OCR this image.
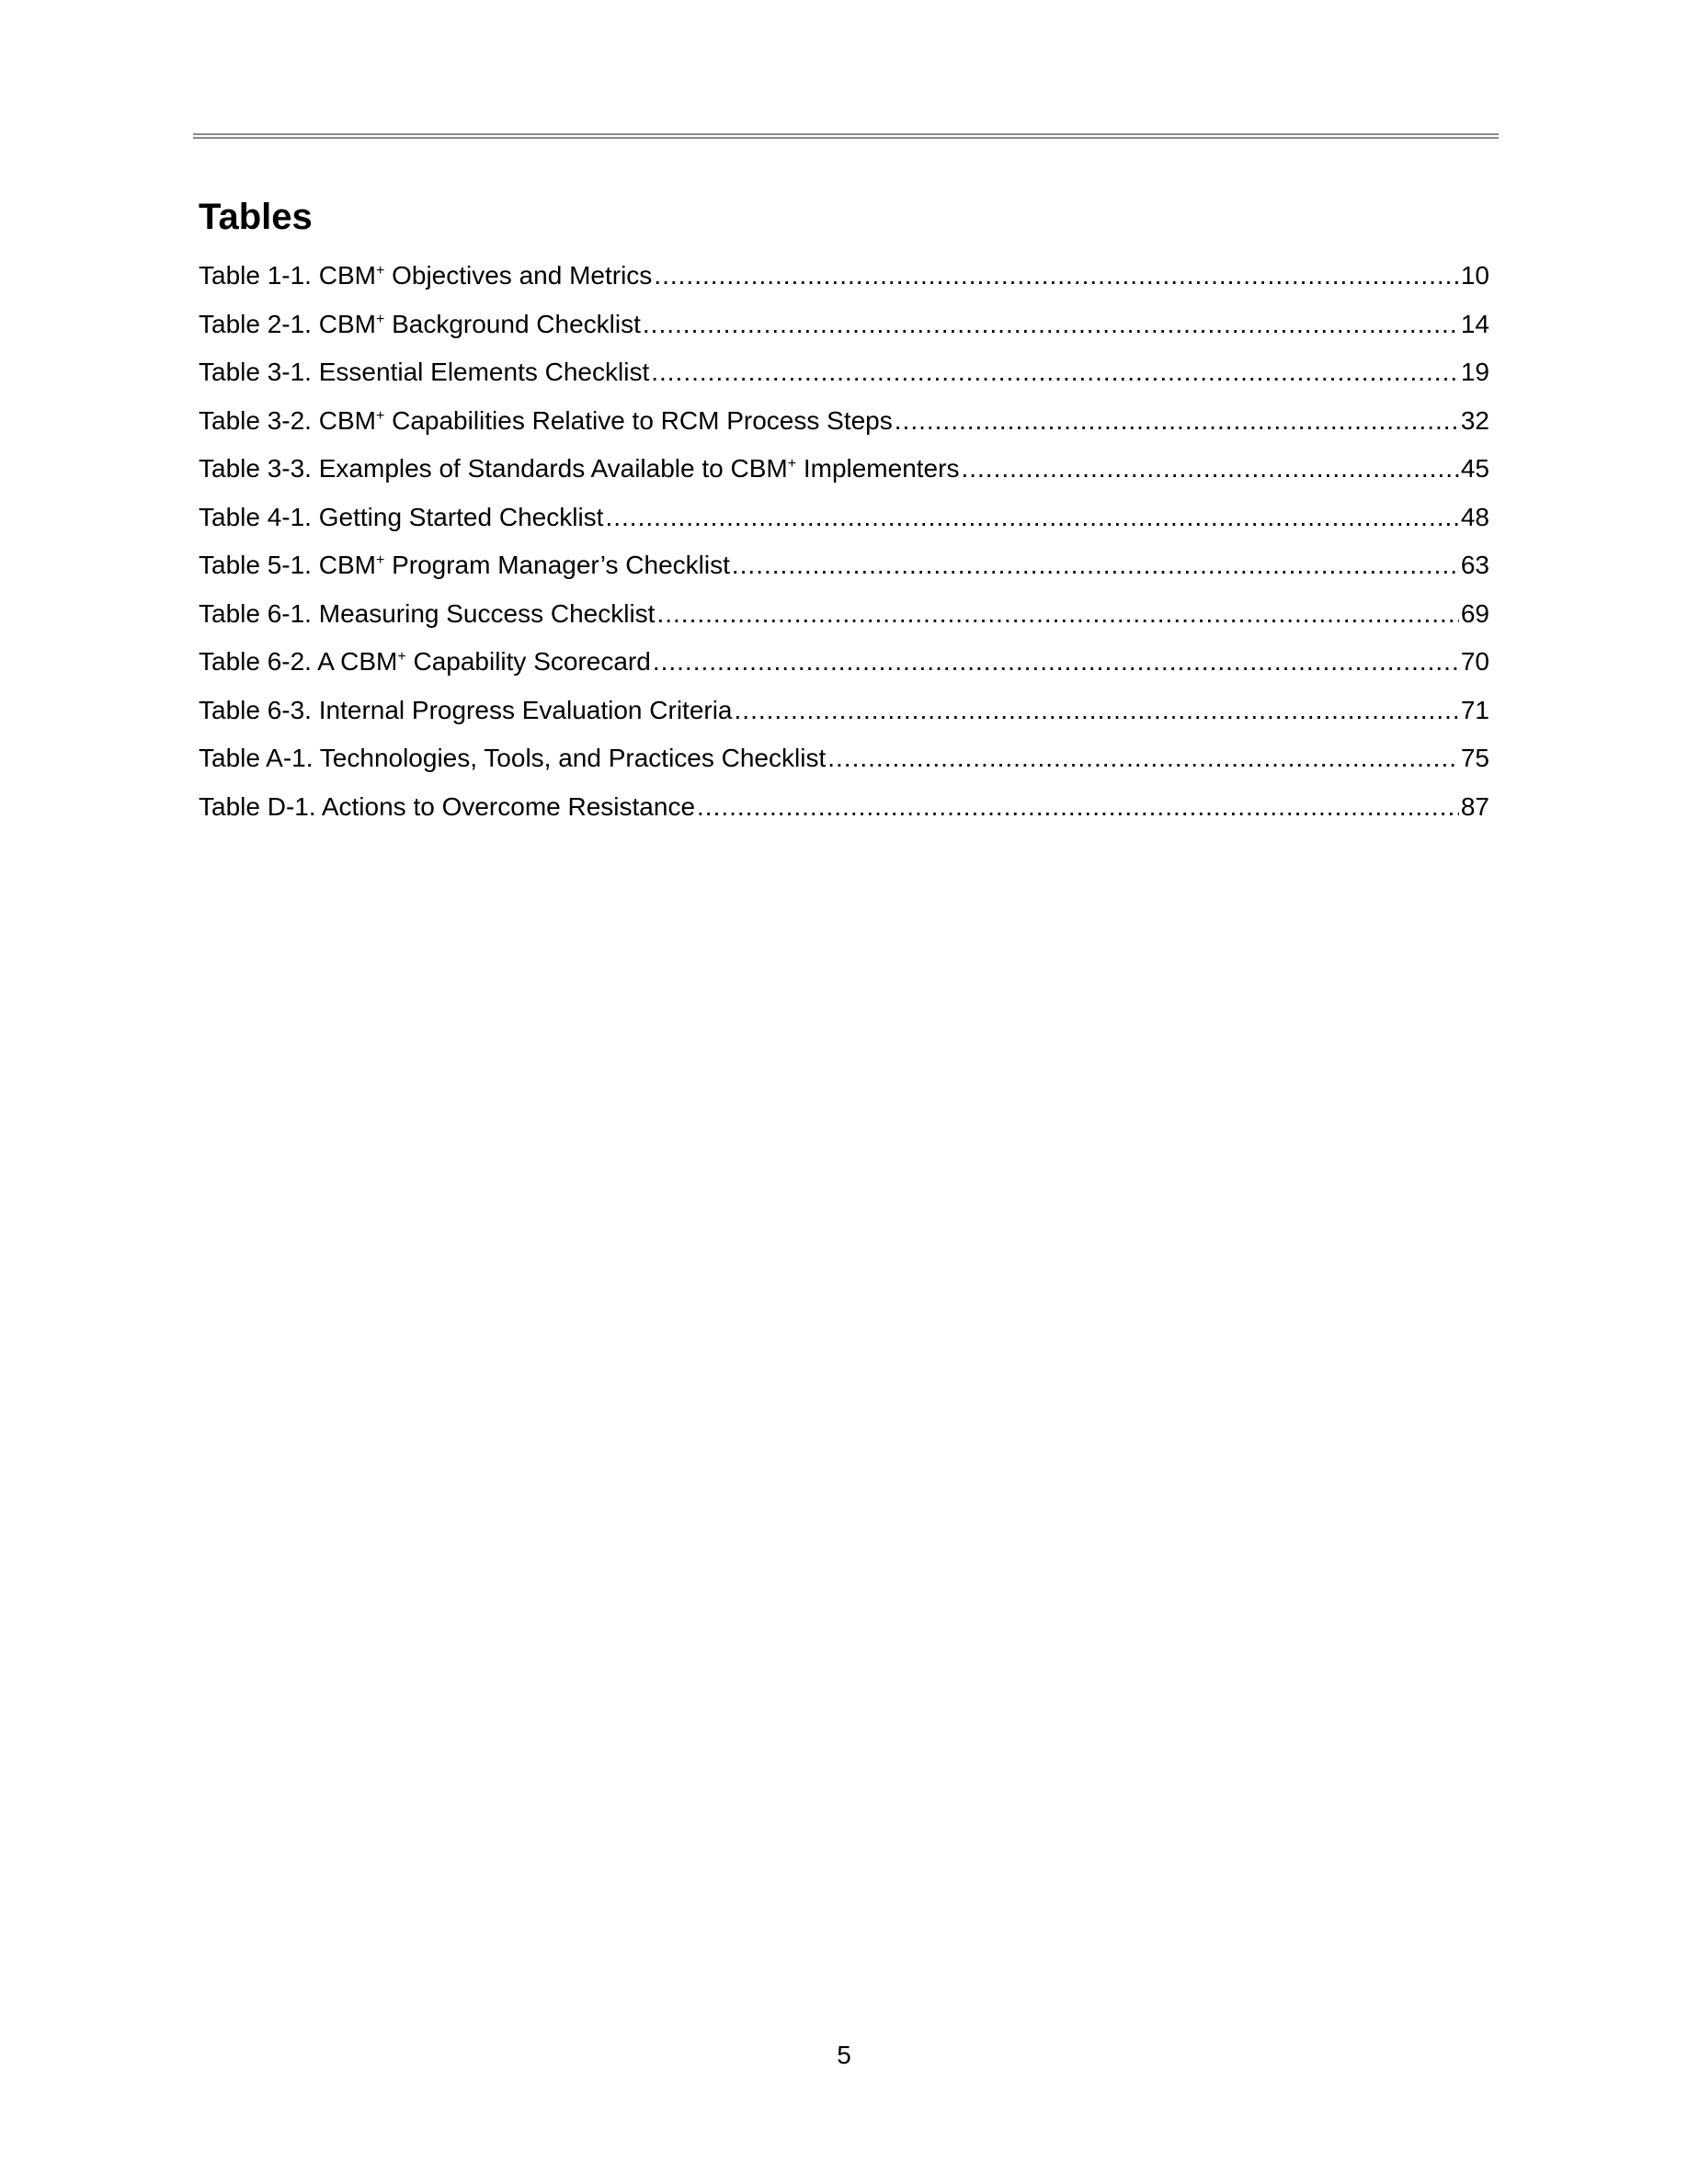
Tables
Table 1-1. CBM+ Objectives and Metrics .....	10
Table 2-1. CBM+ Background Checklist .....	14
Table 3-1. Essential Elements Checklist .....	19
Table 3-2. CBM+ Capabilities Relative to RCM Process Steps .....	32
Table 3-3. Examples of Standards Available to CBM+ Implementers .....	45
Table 4-1. Getting Started Checklist .....	48
Table 5-1. CBM+ Program Manager’s Checklist .....	63
Table 6-1. Measuring Success Checklist .....	69
Table 6-2. A CBM+ Capability Scorecard .....	70
Table 6-3. Internal Progress Evaluation Criteria .....	71
Table A-1. Technologies, Tools, and Practices Checklist .....	75
Table D-1. Actions to Overcome Resistance .....	87
5
